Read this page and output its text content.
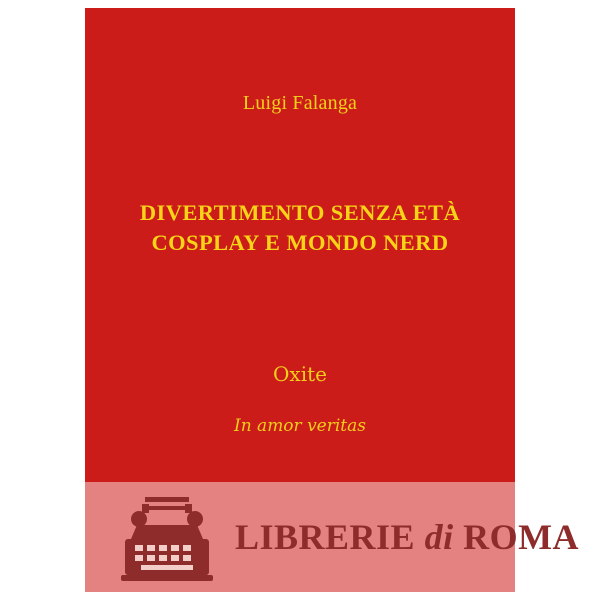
Luigi Falanga
DIVERTIMENTO SENZA ETÀ
COSPLAY E MONDO NERD
Oxite
In amor veritas
LIBRERIE di ROMA
